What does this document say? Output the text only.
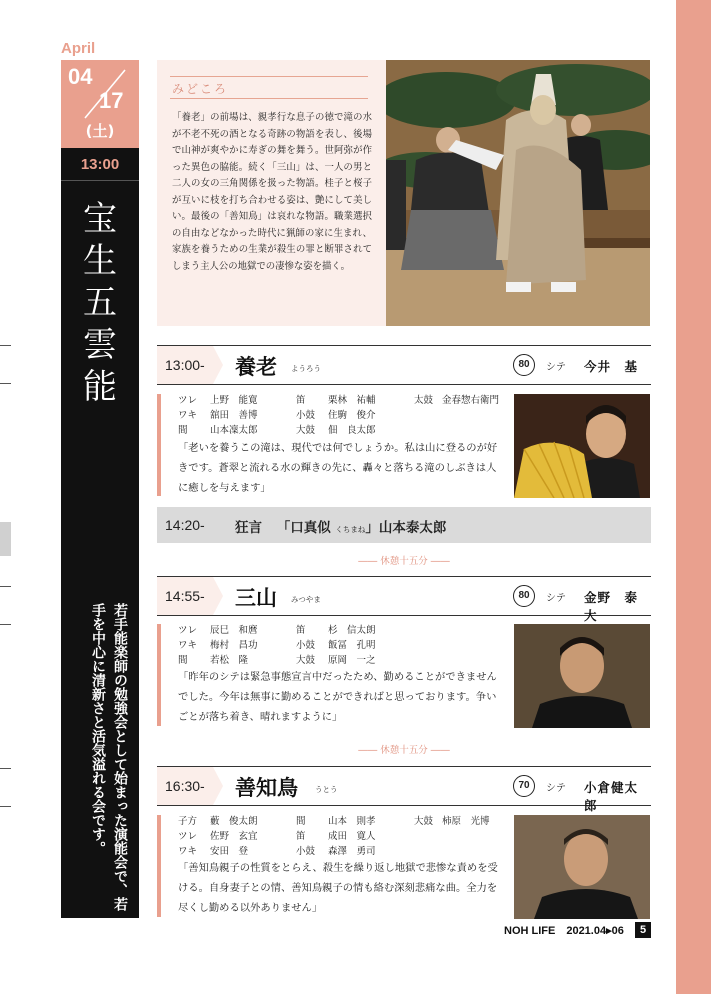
April
04
17
(土)
13:00
宝生五雲能
若手能楽師の勉強会として始まった演能会で、若手を中心に清新さと活気溢れる会です。
みどころ
「養老」の前場は、親孝行な息子の徳で滝の水が不老不死の酒となる奇跡の物語を表し、後場で山神が爽やかに寿ぎの舞を舞う。世阿弥が作った異色の脇能。続く「三山」は、一人の男と二人の女の三角関係を扱った物語。桂子と桜子が互いに枝を打ち合わせる姿は、艶にして美しい。最後の「善知鳥」は哀れな物語。職業選択の自由などなかった時代に猟師の家に生まれ、家族を養うための生業が殺生の罪と断罪されてしまう主人公の地獄での凄惨な姿を描く。
13:00- 養老 ようろう	80	シテ 今井　基
ツレ 上野　能寛	笛 栗林　祐輔	太鼓 金春惣右衛門
ワキ 舘田　善博	小鼓 住駒　俊介
間 山本凜太郎	大鼓 佃　良太郎
「老いを養うこの滝は、現代では何でしょうか。私は山に登るのが好きです。蒼翠と流れる水の輝きの先に、轟々と落ちる滝のしぶきは人に癒しを与えます」
14:20- 狂言 「口真似 くちまね」山本泰太郎
―― 休憩十五分 ――
14:55- 三山 みつやま	80	シテ 金野　泰大
ツレ 辰巳　和麿	笛 杉　信太朗
ワキ 梅村　昌功	小鼓 飯冨　孔明
間 若松　隆	大鼓 原岡　一之
「昨年のシテは緊急事態宣言中だったため、勤めることができませんでした。今年は無事に勤めることができればと思っております。争いごとが落ち着き、晴れますように」
―― 休憩十五分 ――
16:30- 善知鳥 うとう	70	シテ 小倉健太郎
子方 藪　俊太朗	間 山本　則孝	大鼓 柿原　光博
ツレ 佐野　玄宜	笛 成田　寛人
ワキ 安田　登	小鼓 森澤　勇司
「善知鳥親子の性質をとらえ、殺生を繰り返し地獄で悲惨な責めを受ける。自身妻子との情、善知鳥親子の情も絡む深刻悲痛な曲。全力を尽くし勤める以外ありません」
NOH LIFE　2021.04▸06	5
